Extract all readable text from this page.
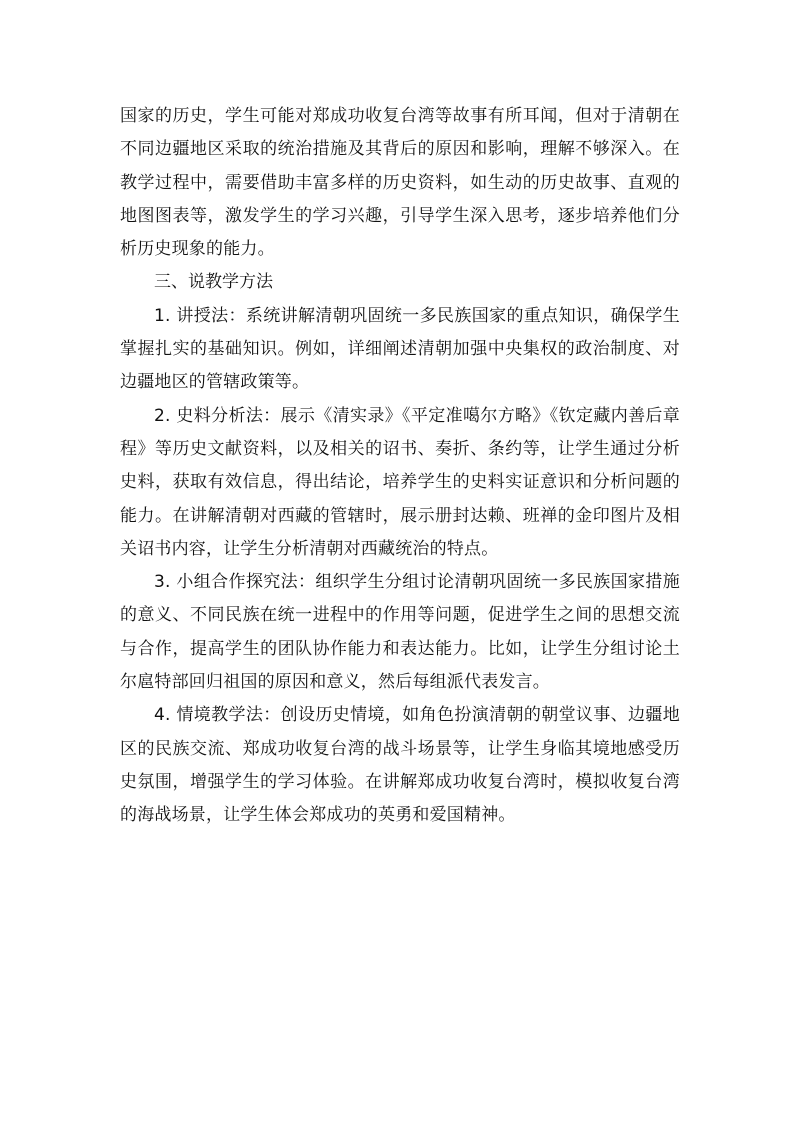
国家的历史，学生可能对郑成功收复台湾等故事有所耳闻，但对于清朝在不同边疆地区采取的统治措施及其背后的原因和影响，理解不够深入。在教学过程中，需要借助丰富多样的历史资料，如生动的历史故事、直观的地图图表等，激发学生的学习兴趣，引导学生深入思考，逐步培养他们分析历史现象的能力。

三、说教学方法

1. 讲授法：系统讲解清朝巩固统一多民族国家的重点知识，确保学生掌握扎实的基础知识。例如，详细阐述清朝加强中央集权的政治制度、对边疆地区的管辖政策等。

2. 史料分析法：展示《清实录》《平定准噶尔方略》《钦定藏内善后章程》等历史文献资料，以及相关的诏书、奏折、条约等，让学生通过分析史料，获取有效信息，得出结论，培养学生的史料实证意识和分析问题的能力。在讲解清朝对西藏的管辖时，展示册封达赖、班禅的金印图片及相关诏书内容，让学生分析清朝对西藏统治的特点。

3. 小组合作探究法：组织学生分组讨论清朝巩固统一多民族国家措施的意义、不同民族在统一进程中的作用等问题，促进学生之间的思想交流与合作，提高学生的团队协作能力和表达能力。比如，让学生分组讨论土尔扈特部回归祖国的原因和意义，然后每组派代表发言。

4. 情境教学法：创设历史情境，如角色扮演清朝的朝堂议事、边疆地区的民族交流、郑成功收复台湾的战斗场景等，让学生身临其境地感受历史氛围，增强学生的学习体验。在讲解郑成功收复台湾时，模拟收复台湾的海战场景，让学生体会郑成功的英勇和爱国精神。
